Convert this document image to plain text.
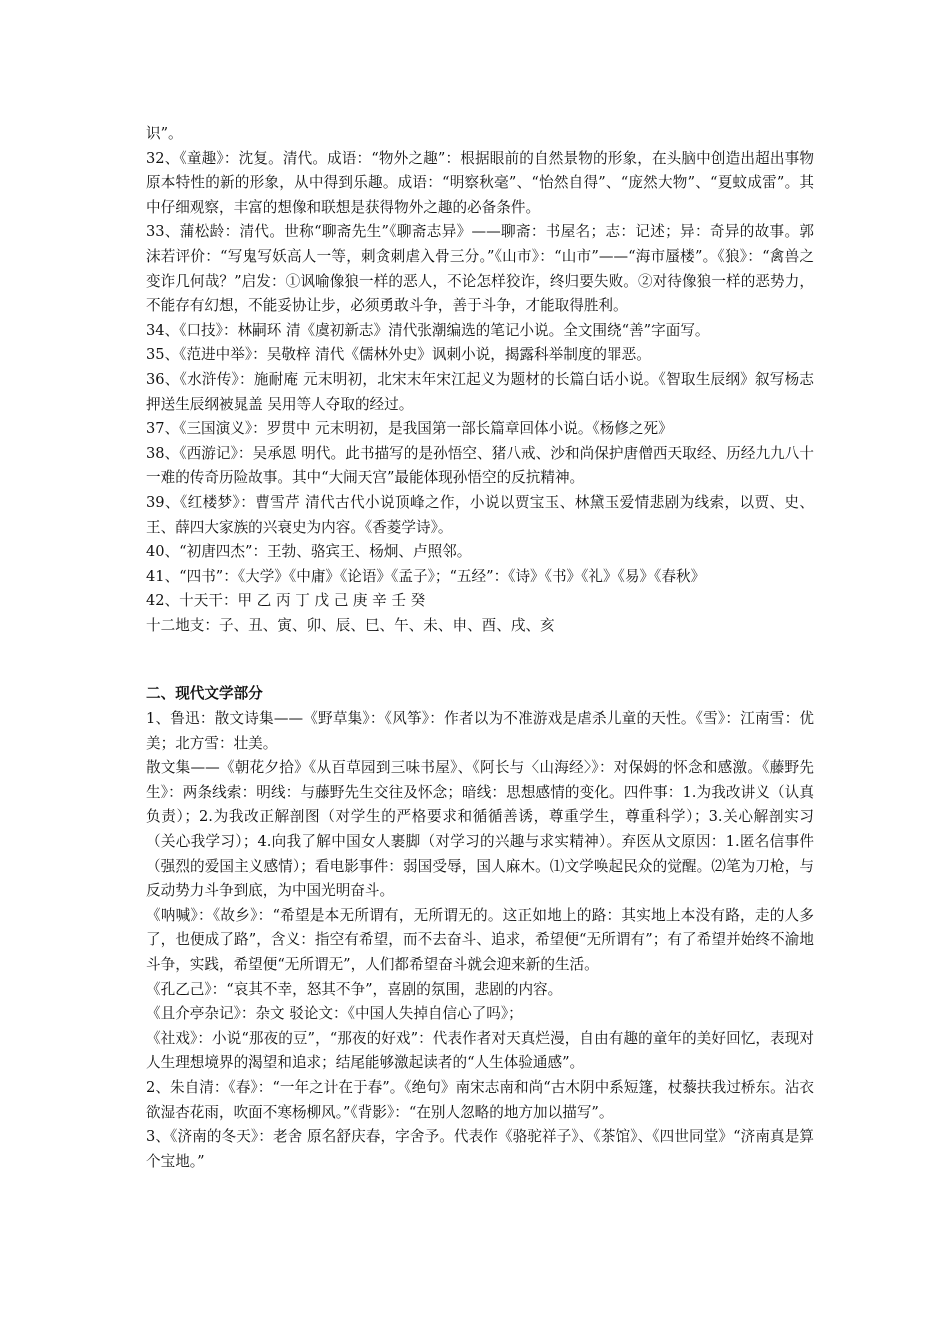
识”。

32、《童趣》：沈复。清代。成语：“物外之趣”：根据眼前的自然景物的形象，在头脑中创造出超出事物原本特性的新的形象，从中得到乐趣。成语：“明察秋毫”、“怡然自得”、“庞然大物”、“夏蚊成雷”。其中仔细观察，丰富的想像和联想是获得物外之趣的必备条件。

33、蒲松龄：清代。世称“聊斋先生”《聊斋志异》——聊斋：书屋名；志：记述；异：奇异的故事。郭沫若评价：“写鬼写妖高人一等，刺贪刺虐入骨三分。”《山市》：“山市”——“海市蜃楼”。《狼》：“禽兽之变诈几何哉？”启发：①讽喻像狼一样的恶人，不论怎样狡诈，终归要失败。②对待像狼一样的恶势力，不能存有幻想，不能妥协让步，必须勇敢斗争，善于斗争，才能取得胜利。

34、《口技》：林嗣环 清《虞初新志》清代张潮编选的笔记小说。全文围绕“善”字面写。

35、《范进中举》：吴敬梓 清代《儒林外史》讽刺小说，揭露科举制度的罪恶。

36、《水浒传》：施耐庵 元末明初，北宋末年宋江起义为题材的长篇白话小说。《智取生辰纲》叙写杨志押送生辰纲被晁盖 吴用等人夺取的经过。

37、《三国演义》：罗贯中 元末明初，是我国第一部长篇章回体小说。《杨修之死》

38、《西游记》：吴承恩 明代。此书描写的是孙悟空、猪八戒、沙和尚保护唐僧西天取经、历经九九八十一难的传奇历险故事。其中“大闹天宫”最能体现孙悟空的反抗精神。

39、《红楼梦》：曹雪芹 清代古代小说顶峰之作，小说以贾宝玉、林黛玉爱情悲剧为线索，以贾、史、王、薛四大家族的兴衰史为内容。《香菱学诗》。

40、“初唐四杰”：王勃、骆宾王、杨炯、卢照邻。

41、“四书”：《大学》《中庸》《论语》《孟子》；“五经”：《诗》《书》《礼》《易》《春秋》

42、十天干：甲 乙 丙 丁 戊 己 庚 辛 壬 癸

十二地支：子、丑、寅、卯、辰、巳、午、未、申、酉、戌、亥

二、现代文学部分

1、鲁迅：散文诗集——《野草集》：《风筝》：作者以为不准游戏是虐杀儿童的天性。《雪》：江南雪：优美；北方雪：壮美。

散文集——《朝花夕拾》《从百草园到三味书屋》、《阿长与〈山海经〉》：对保姆的怀念和感激。《藤野先生》：两条线索：明线：与藤野先生交往及怀念；暗线：思想感情的变化。四件事：1.为我改讲义（认真负责）；2.为我改正解剖图（对学生的严格要求和循循善诱，尊重学生，尊重科学）；3.关心解剖实习（关心我学习）；4.向我了解中国女人裹脚（对学习的兴趣与求实精神）。弃医从文原因：1.匿名信事件（强烈的爱国主义感情）；看电影事件：弱国受辱，国人麻木。⑴文学唤起民众的觉醒。⑵笔为刀枪，与反动势力斗争到底，为中国光明奋斗。

《呐喊》：《故乡》：“希望是本无所谓有，无所谓无的。这正如地上的路：其实地上本没有路，走的人多了，也便成了路”，含义：指空有希望，而不去奋斗、追求，希望便“无所谓有”；有了希望并始终不渝地斗争，实践，希望便“无所谓无”，人们都希望奋斗就会迎来新的生活。

《孔乙己》：“哀其不幸，怒其不争”，喜剧的氛围，悲剧的内容。

《且介亭杂记》：杂文 驳论文：《中国人失掉自信心了吗》；

《社戏》：小说“那夜的豆”，“那夜的好戏”：代表作者对天真烂漫，自由有趣的童年的美好回忆，表现对人生理想境界的渴望和追求；结尾能够激起读者的“人生体验通感”。

2、朱自清：《春》：“一年之计在于春”。《绝句》南宋志南和尚“古木阴中系短篷，杖藜扶我过桥东。沾衣欲湿杏花雨，吹面不寒杨柳风。”《背影》：“在别人忽略的地方加以描写”。

3、《济南的冬天》：老舍 原名舒庆春，字舍予。代表作《骆驼祥子》、《茶馆》、《四世同堂》“济南真是算个宝地。”
